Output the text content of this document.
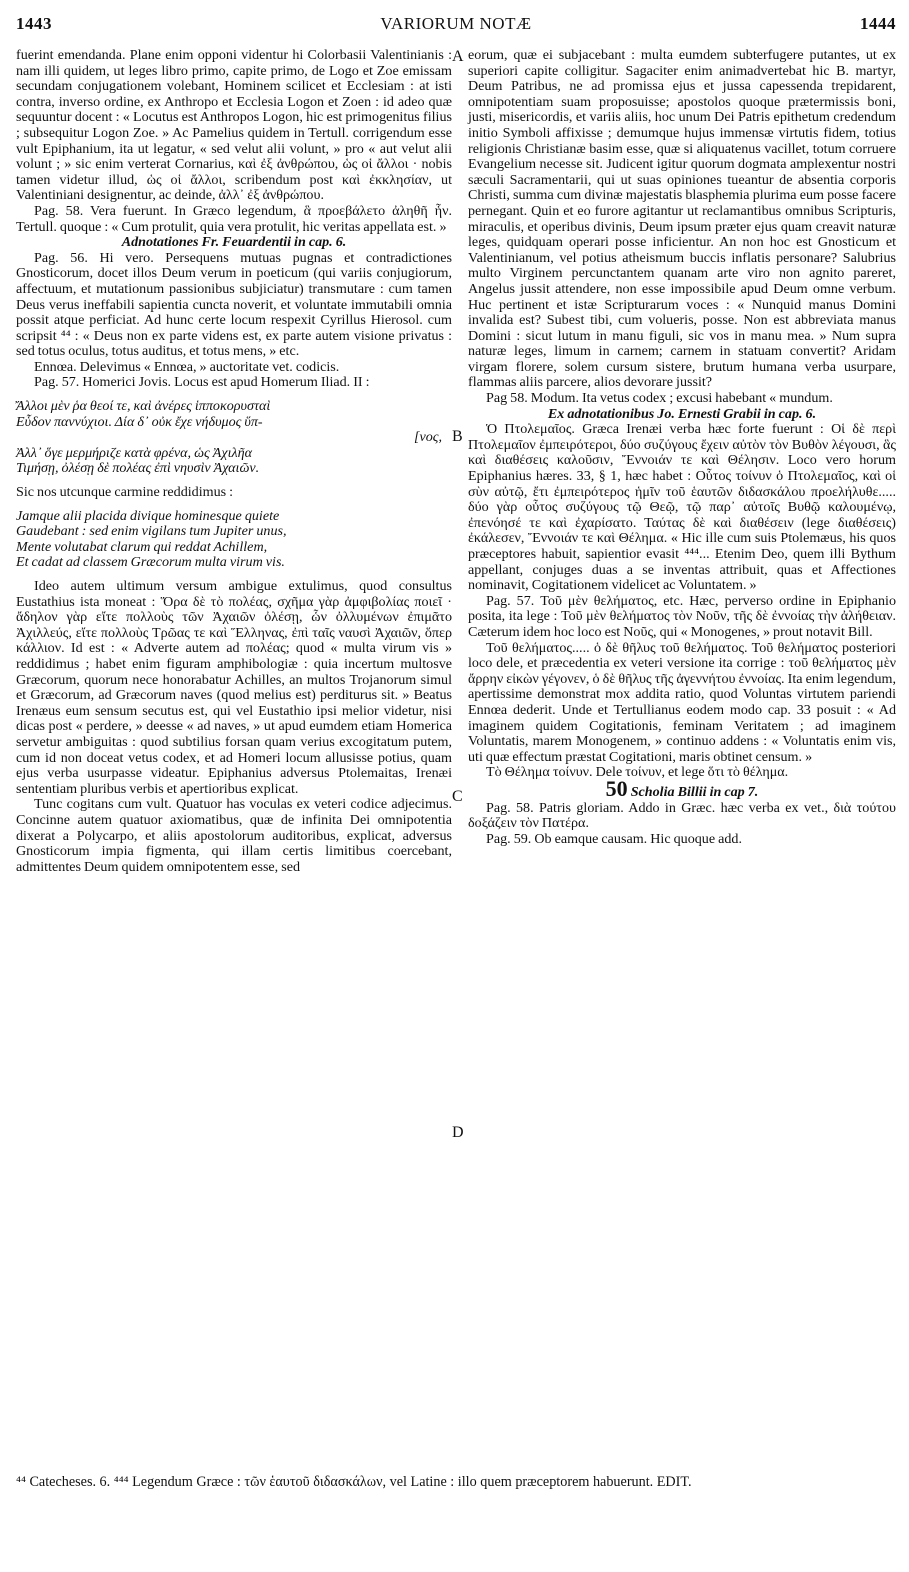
1443	VARIORUM NOTÆ	1444
A
B
C
D

fuerint emendanda. Plane enim opponi videntur hi Colorbasii Valentinianis : nam illi quidem, ut leges libro primo, capite primo, de Logo et Zoe emissam secundam conjugationem volebant, Hominem scilicet et Ecclesiam : at isti contra, inverso ordine, ex Anthropo et Ecclesia Logon et Zoen : id adeo quæ sequuntur docent : « Locutus est Anthropos Logon, hic est primogenitus filius ; subsequitur Logon Zoe. » Ac Pamelius quidem in Tertull. corrigendum esse vult Epiphanium, ita ut legatur, « sed velut alii volunt, » pro « aut velut alii volunt ; » sic enim verterat Cornarius, καὶ ἐξ ἀνθρώπου, ὡς οἱ ἄλλοι · nobis tamen videtur illud, ὡς οἱ ἄλλοι, scribendum post καὶ ἐκκλησίαν, ut Valentiniani designentur, ac deinde, ἀλλ᾽ ἐξ ἀνθρώπου.

Pag. 58. Vera fuerunt. In Græco legendum, ἃ προεβάλετο ἀληθῆ ἦν. Tertull. quoque : « Cum protulit, quia vera protulit, hic veritas appellata est. »

Adnotationes Fr. Feuardentii in cap. 6.

Pag. 56. Hi vero. Persequens mutuas pugnas et contradictiones Gnosticorum, docet illos Deum verum in poeticum (qui variis conjugiorum, affectuum, et mutationum passionibus subjiciatur) transmutare : cum tamen Deus verus ineffabili sapientia cuncta noverit, et voluntate immutabili omnia possit atque perficiat. Ad hunc certe locum respexit Cyrillus Hierosol. cum scripsit ⁴⁴ : « Deus non ex parte videns est, ex parte autem visione privatus : sed totus oculus, totus auditus, et totus mens, » etc.

Ennœa. Delevimus « Ennœa, » auctoritate vet. codicis.

Pag. 57. Homerici Jovis. Locus est apud Homerum Iliad. II :

Ἄλλοι μὲν ῥα θεοί τε, καὶ ἀνέρες ἱπποκορυσταὶ
Εὗδον παννύχιοι. Δία δ᾽ οὐκ ἔχε νήδυμος ὕπ-
[νος,
Ἀλλ᾽ ὅγε μερμήριζε κατὰ φρένα, ὡς Ἀχιλῆα
Τιμήσῃ, ὀλέσῃ δὲ πολέας ἐπὶ νηυσὶν Ἀχαιῶν.

Sic nos utcunque carmine reddidimus :

Jamque alii placida divique hominesque quiete
Gaudebant : sed enim vigilans tum Jupiter unus,
Mente volutabat clarum qui reddat Achillem,
Et cadat ad classem Græcorum multa virum vis.

Ideo autem ultimum versum ambigue extulimus, quod consultus Eustathius ista moneat : Ὅρα δὲ τὸ πολέας, σχῆμα γὰρ ἀμφιβολίας ποιεῖ · ἄδηλον γὰρ εἴτε πολλοὺς τῶν Ἀχαιῶν ὀλέσῃ, ὧν ὀλλυμένων ἐπιμᾶτο Ἀχιλλεύς, εἴτε πολλοὺς Τρῶας τε καὶ Ἕλληνας, ἐπὶ ταῖς ναυσὶ Ἀχαιῶν, ὅπερ κάλλιον. Id est : « Adverte autem ad πολέας; quod « multa virum vis » reddidimus ; habet enim figuram amphibologiæ : quia incertum multosve Græcorum, quorum nece honorabatur Achilles, an multos Trojanorum simul et Græcorum, ad Græcorum naves (quod melius est) perditurus sit. » Beatus Irenæus eum sensum secutus est, qui vel Eustathio ipsi melior videtur, nisi dicas post « perdere, » deesse « ad naves, » ut apud eumdem etiam Homerica servetur ambiguitas : quod subtilius forsan quam verius excogitatum putem, cum id non doceat vetus codex, et ad Homeri locum allusisse potius, quam ejus verba usurpasse videatur. Epiphanius adversus Ptolemaitas, Irenæi sententiam pluribus verbis et apertioribus explicat.

Tunc cogitans cum vult. Quatuor has voculas ex veteri codice adjecimus. Concinne autem quatuor axiomatibus, quæ de infinita Dei omnipotentia dixerat a Polycarpo, et aliis apostolorum auditoribus, explicat, adversus Gnosticorum impia figmenta, qui illam certis limitibus coercebant, admittentes Deum quidem omnipotentem esse, sed

eorum, quæ ei subjacebant : multa eumdem subterfugere putantes, ut ex superiori capite colligitur. Sagaciter enim animadvertebat hic B. martyr, Deum Patribus, ne ad promissa ejus et jussa capessenda trepidarent, omnipotentiam suam proposuisse; apostolos quoque prætermissis boni, justi, misericordis, et variis aliis, hoc unum Dei Patris epithetum credendum initio Symboli affixisse ; demumque hujus immensæ virtutis fidem, totius religionis Christianæ basim esse, quæ si aliquatenus vacillet, totum corruere Evangelium necesse sit. Judicent igitur quorum dogmata amplexentur nostri sæculi Sacramentarii, qui ut suas opiniones tueantur de absentia corporis Christi, summa cum divinæ majestatis blasphemia plurima eum posse facere pernegant. Quin et eo furore agitantur ut reclamantibus omnibus Scripturis, miraculis, et operibus divinis, Deum ipsum præter ejus quam creavit naturæ leges, quidquam operari posse inficientur. An non hoc est Gnosticum et Valentinianum, vel potius atheismum buccis inflatis personare? Salubrius multo Virginem percunctantem quanam arte viro non agnito pareret, Angelus jussit attendere, non esse impossibile apud Deum omne verbum. Huc pertinent et istæ Scripturarum voces : « Nunquid manus Domini invalida est? Subest tibi, cum volueris, posse. Non est abbreviata manus Domini : sicut lutum in manu figuli, sic vos in manu mea. » Num supra naturæ leges, limum in carnem; carnem in statuam convertit? Aridam virgam florere, solem cursum sistere, brutum humana verba usurpare, flammas aliis parcere, alios devorare jussit?

Pag 58. Modum. Ita vetus codex ; excusi habebant « mundum.

Ex adnotationibus Jo. Ernesti Grabii in cap. 6.

Ὁ Πτολεμαῖος. Græca Irenæi verba hæc forte fuerunt : Οἱ δὲ περὶ Πτολεμαῖον ἐμπειρότεροι, δύο συζύγους ἔχειν αὐτὸν τὸν Βυθὸν λέγουσι, ἃς καὶ διαθέσεις καλοῦσιν, Ἔννοιάν τε καὶ Θέλησιν. Loco vero horum Epiphanius hæres. 33, § 1, hæc habet : Οὗτος τοίνυν ὁ Πτολεμαῖος, καὶ οἱ σὺν αὐτῷ, ἔτι ἐμπειρότερος ἡμῖν τοῦ ἑαυτῶν διδασκάλου προελήλυθε..... δύο γὰρ οὗτος συζύγους τῷ Θεῷ, τῷ παρ᾽ αὐτοῖς Βυθῷ καλουμένῳ, ἐπενόησέ τε καὶ ἐχαρίσατο. Ταύτας δὲ καὶ διαθέσειν (lege διαθέσεις) ἐκάλεσεν, Ἔννοιάν τε καὶ Θέλημα. « Hic ille cum suis Ptolemæus, his quos præceptores habuit, sapientior evasit ⁴⁴⁴... Etenim Deo, quem illi Bythum appellant, conjuges duas a se inventas attribuit, quas et Affectiones nominavit, Cogitationem videlicet ac Voluntatem. »

Pag. 57. Τοῦ μὲν θελήματος, etc. Hæc, perverso ordine in Epiphanio posita, ita lege : Τοῦ μὲν θελήματος τὸν Νοῦν, τῆς δὲ ἐννοίας τὴν ἀλήθειαν. Cæterum idem hoc loco est Νοῦς, qui « Monogenes, » prout notavit Bill.

Τοῦ θελήματος..... ὁ δὲ θῆλυς τοῦ θελήματος. Τοῦ θελήματος posteriori loco dele, et præcedentia ex veteri versione ita corrige : τοῦ θελήματος μὲν ἄρρην εἰκὼν γέγονεν, ὁ δὲ θῆλυς τῆς ἀγεννήτου ἐννοίας. Ita enim legendum, apertissime demonstrat mox addita ratio, quod Voluntas virtutem pariendi Ennœa dederit. Unde et Tertullianus eodem modo cap. 33 posuit : « Ad imaginem quidem Cogitationis, feminam Veritatem ; ad imaginem Voluntatis, marem Monogenem, » continuo addens : « Voluntatis enim vis, uti quæ effectum præstat Cogitationi, maris obtinet censum. »

Τὸ Θέλημα τοίνυν. Dele τοίνυν, et lege ὅτι τὸ θέλημα.

50 Scholia Billii in cap 7.

Pag. 58. Patris gloriam. Addo in Græc. hæc verba ex vet., διὰ τούτου δοξάζειν τὸν Πατέρα.

Pag. 59. Ob eamque causam. Hic quoque add.

⁴⁴ Catecheses. 6. ⁴⁴⁴ Legendum Græce : τῶν ἑαυτοῦ διδασκάλων, vel Latine : illo quem præceptorem habuerunt. EDIT.
